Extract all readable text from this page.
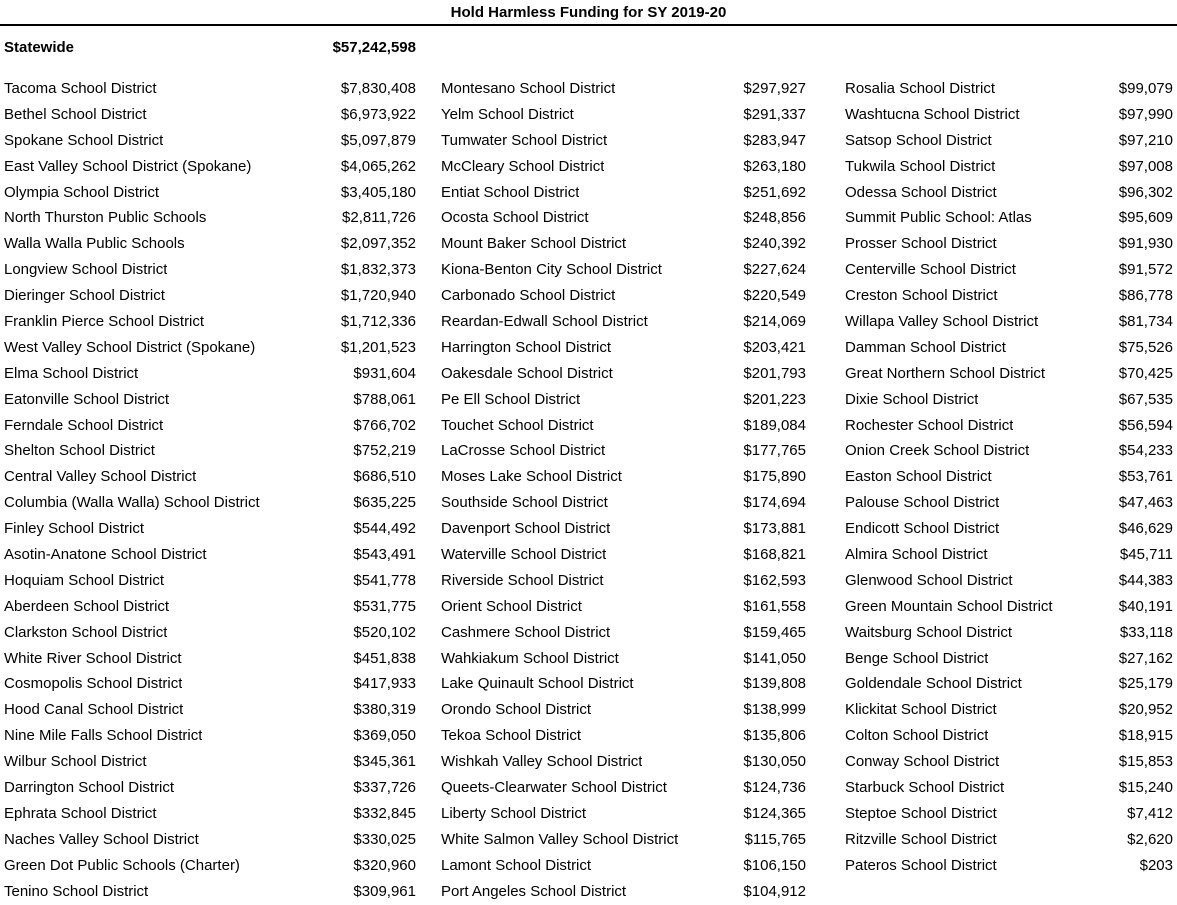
Hold Harmless Funding for SY 2019-20
Statewide	$57,242,598
Tacoma School District	$7,830,408
Bethel School District	$6,973,922
Spokane School District	$5,097,879
East Valley School District (Spokane)	$4,065,262
Olympia School District	$3,405,180
North Thurston Public Schools	$2,811,726
Walla Walla Public Schools	$2,097,352
Longview School District	$1,832,373
Dieringer School District	$1,720,940
Franklin Pierce School District	$1,712,336
West Valley School District (Spokane)	$1,201,523
Elma School District	$931,604
Eatonville School District	$788,061
Ferndale School District	$766,702
Shelton School District	$752,219
Central Valley School District	$686,510
Columbia (Walla Walla) School District	$635,225
Finley School District	$544,492
Asotin-Anatone School District	$543,491
Hoquiam School District	$541,778
Aberdeen School District	$531,775
Clarkston School District	$520,102
White River School District	$451,838
Cosmopolis School District	$417,933
Hood Canal School District	$380,319
Nine Mile Falls School District	$369,050
Wilbur School District	$345,361
Darrington School District	$337,726
Ephrata School District	$332,845
Naches Valley School District	$330,025
Green Dot Public Schools (Charter)	$320,960
Tenino School District	$309,961
Montesano School District	$297,927
Yelm School District	$291,337
Tumwater School District	$283,947
McCleary School District	$263,180
Entiat School District	$251,692
Ocosta School District	$248,856
Mount Baker School District	$240,392
Kiona-Benton City School District	$227,624
Carbonado School District	$220,549
Reardan-Edwall School District	$214,069
Harrington School District	$203,421
Oakesdale School District	$201,793
Pe Ell School District	$201,223
Touchet School District	$189,084
LaCrosse School District	$177,765
Moses Lake School District	$175,890
Southside School District	$174,694
Davenport School District	$173,881
Waterville School District	$168,821
Riverside School District	$162,593
Orient School District	$161,558
Cashmere School District	$159,465
Wahkiakum School District	$141,050
Lake Quinault School District	$139,808
Orondo School District	$138,999
Tekoa School District	$135,806
Wishkah Valley School District	$130,050
Queets-Clearwater School District	$124,736
Liberty School District	$124,365
White Salmon Valley School District	$115,765
Lamont School District	$106,150
Port Angeles School District	$104,912
Rosalia School District	$99,079
Washtucna School District	$97,990
Satsop School District	$97,210
Tukwila School District	$97,008
Odessa School District	$96,302
Summit Public School: Atlas	$95,609
Prosser School District	$91,930
Centerville School District	$91,572
Creston School District	$86,778
Willapa Valley School District	$81,734
Damman School District	$75,526
Great Northern School District	$70,425
Dixie School District	$67,535
Rochester School District	$56,594
Onion Creek School District	$54,233
Easton School District	$53,761
Palouse School District	$47,463
Endicott School District	$46,629
Almira School District	$45,711
Glenwood School District	$44,383
Green Mountain School District	$40,191
Waitsburg School District	$33,118
Benge School District	$27,162
Goldendale School District	$25,179
Klickitat School District	$20,952
Colton School District	$18,915
Conway School District	$15,853
Starbuck School District	$15,240
Steptoe School District	$7,412
Ritzville School District	$2,620
Pateros School District	$203
